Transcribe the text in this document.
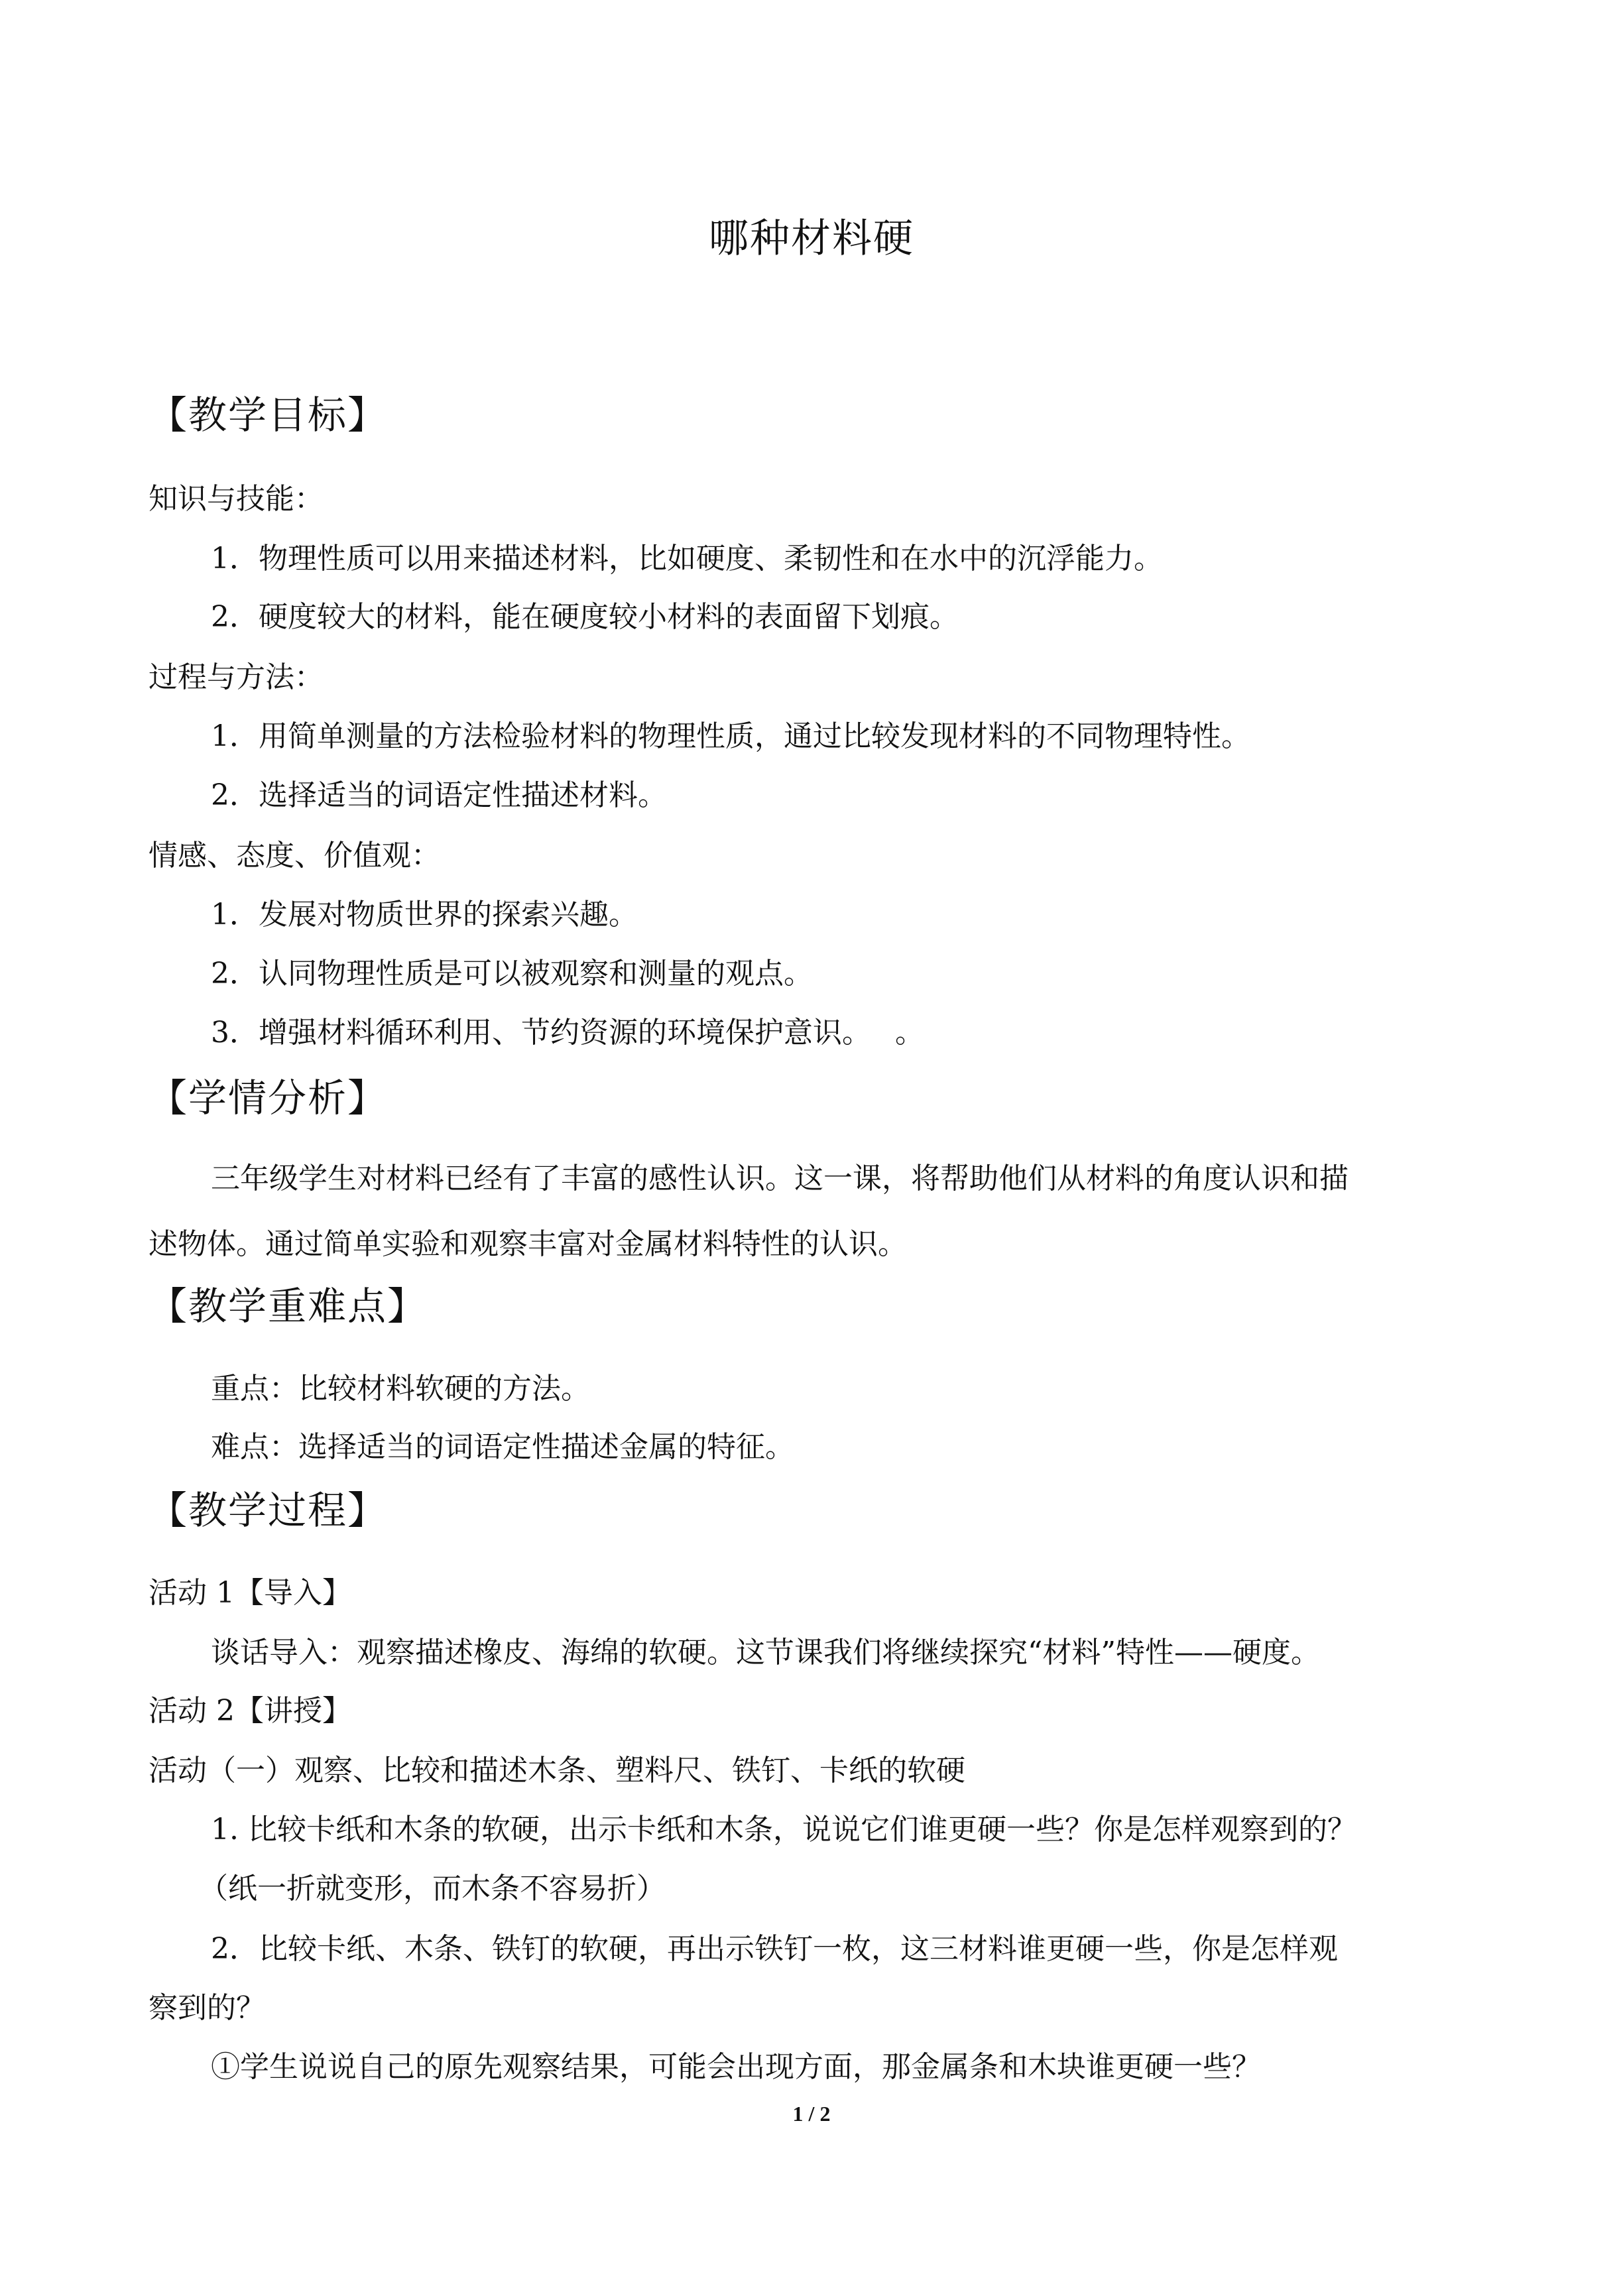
哪种材料硬
【教学目标】
知识与技能：
1．物理性质可以用来描述材料，比如硬度、柔韧性和在水中的沉浮能力。
2．硬度较大的材料，能在硬度较小材料的表面留下划痕。
过程与方法：
1．用简单测量的方法检验材料的物理性质，通过比较发现材料的不同物理特性。
2．选择适当的词语定性描述材料。
情感、态度、价值观：
1．发展对物质世界的探索兴趣。
2．认同物理性质是可以被观察和测量的观点。
3．增强材料循环利用、节约资源的环境保护意识。　 。
【学情分析】
三年级学生对材料已经有了丰富的感性认识。这一课，将帮助他们从材料的角度认识和描
述物体。通过简单实验和观察丰富对金属材料特性的认识。
【教学重难点】
重点：比较材料软硬的方法。
难点：选择适当的词语定性描述金属的特征。
【教学过程】
活动 1【导入】
谈话导入：观察描述橡皮、海绵的软硬。这节课我们将继续探究“材料”特性——硬度。
活动 2【讲授】
活动（一）观察、比较和描述木条、塑料尺、铁钉、卡纸的软硬
1. 比较卡纸和木条的软硬，出示卡纸和木条，说说它们谁更硬一些？你是怎样观察到的？
（纸一折就变形，而木条不容易折）
2．比较卡纸、木条、铁钉的软硬，再出示铁钉一枚，这三材料谁更硬一些，你是怎样观
察到的？
①学生说说自己的原先观察结果，可能会出现方面，那金属条和木块谁更硬一些？
1 / 2
